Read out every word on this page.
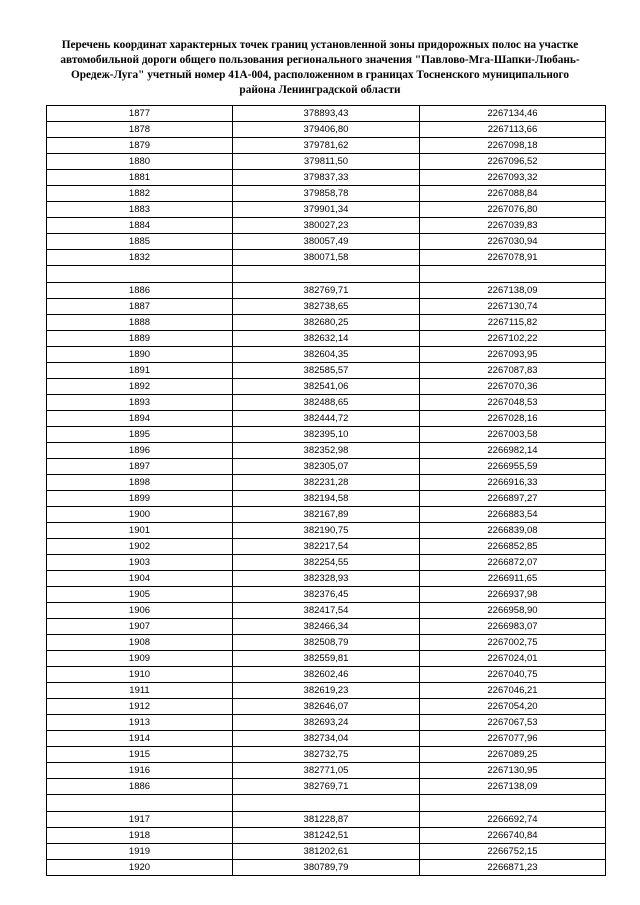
Перечень координат характерных точек границ установленной зоны придорожных полос на участке
автомобильной дороги общего пользования регионального значения "Павлово-Мга-Шапки-Любань-
Оредеж-Луга" учетный номер 41А-004, расположенном в границах Тосненского муниципального
района Ленинградской области
1877	378893,43	2267134,46
1878	379406,80	2267113,66
1879	379781,62	2267098,18
1880	379811,50	2267096,52
1881	379837,33	2267093,32
1882	379858,78	2267088,84
1883	379901,34	2267076,80
1884	380027,23	2267039,83
1885	380057,49	2267030,94
1832	380071,58	2267078,91

1886	382769,71	2267138,09
1887	382738,65	2267130,74
1888	382680,25	2267115,82
1889	382632,14	2267102,22
1890	382604,35	2267093,95
1891	382585,57	2267087,83
1892	382541,06	2267070,36
1893	382488,65	2267048,53
1894	382444,72	2267028,16
1895	382395,10	2267003,58
1896	382352,98	2266982,14
1897	382305,07	2266955,59
1898	382231,28	2266916,33
1899	382194,58	2266897,27
1900	382167,89	2266883,54
1901	382190,75	2266839,08
1902	382217,54	2266852,85
1903	382254,55	2266872,07
1904	382328,93	2266911,65
1905	382376,45	2266937,98
1906	382417,54	2266958,90
1907	382466,34	2266983,07
1908	382508,79	2267002,75
1909	382559,81	2267024,01
1910	382602,46	2267040,75
1911	382619,23	2267046,21
1912	382646,07	2267054,20
1913	382693,24	2267067,53
1914	382734,04	2267077,96
1915	382732,75	2267089,25
1916	382771,05	2267130,95
1886	382769,71	2267138,09

1917	381228,87	2266692,74
1918	381242,51	2266740,84
1919	381202,61	2266752,15
1920	380789,79	2266871,23
